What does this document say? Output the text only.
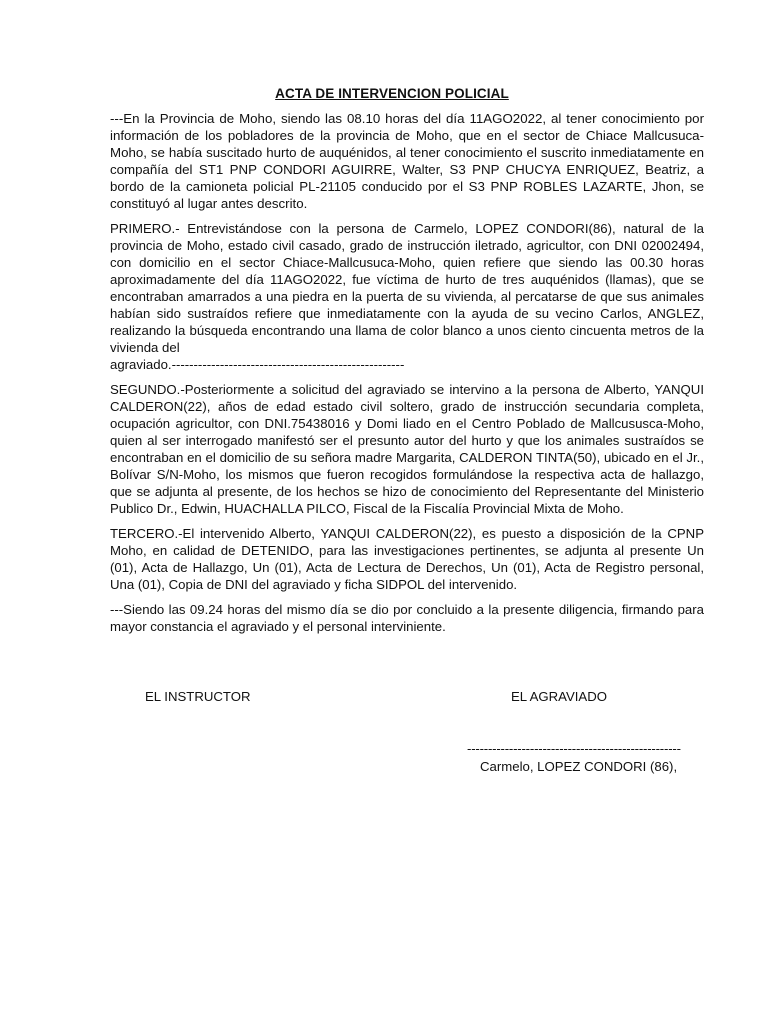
ACTA DE INTERVENCION POLICIAL

---En la Provincia de Moho, siendo las 08.10 horas del día 11AGO2022, al tener conocimiento por información de los pobladores de la provincia de Moho, que en el sector de Chiace Mallcusuca-Moho, se había suscitado hurto de auquénidos, al tener conocimiento el suscrito inmediatamente en compañía del ST1 PNP CONDORI AGUIRRE, Walter, S3 PNP CHUCYA ENRIQUEZ, Beatriz, a bordo de la camioneta policial PL-21105 conducido por el S3 PNP ROBLES LAZARTE, Jhon, se constituyó al lugar antes descrito.

PRIMERO.- Entrevistándose con la persona de Carmelo, LOPEZ CONDORI(86), natural de la provincia de Moho, estado civil casado, grado de instrucción iletrado, agricultor, con DNI 02002494, con domicilio en el sector Chiace-Mallcusuca-Moho, quien refiere que siendo las 00.30 horas aproximadamente del día 11AGO2022, fue víctima de hurto de tres auquénidos (llamas), que se encontraban amarrados a una piedra en la puerta de su vivienda, al percatarse de que sus animales habían sido sustraídos refiere que inmediatamente con la ayuda de su vecino Carlos, ANGLEZ, realizando la búsqueda encontrando una llama de color blanco a unos ciento cincuenta metros de la vivienda del
agraviado.-----------------------------------------------------

SEGUNDO.-Posteriormente a solicitud del agraviado se intervino a la persona de Alberto, YANQUI CALDERON(22), años de edad estado civil soltero, grado de instrucción secundaria completa, ocupación agricultor, con DNI.75438016 y Domi liado en el Centro Poblado de Mallcususca-Moho, quien al ser interrogado manifestó ser el presunto autor del hurto y que los animales sustraídos se encontraban en el domicilio de su señora madre Margarita, CALDERON TINTA(50), ubicado en el Jr., Bolívar S/N-Moho, los mismos que fueron recogidos formulándose la respectiva acta de hallazgo, que se adjunta al presente, de los hechos se hizo de conocimiento del Representante del Ministerio Publico Dr., Edwin, HUACHALLA PILCO, Fiscal de la Fiscalía Provincial Mixta de Moho.

TERCERO.-El intervenido Alberto, YANQUI CALDERON(22), es puesto a disposición de la CPNP Moho, en calidad de DETENIDO, para las investigaciones pertinentes, se adjunta al presente Un (01), Acta de Hallazgo, Un (01), Acta de Lectura de Derechos, Un (01), Acta de Registro personal, Una (01), Copia de DNI del agraviado y ficha SIDPOL del intervenido.

---Siendo las 09.24 horas del mismo día se dio por concluido a la presente diligencia, firmando para mayor constancia el agraviado y el personal interviniente.

EL INSTRUCTOR	EL AGRAVIADO
---------------------------------------------------
Carmelo, LOPEZ CONDORI (86),
